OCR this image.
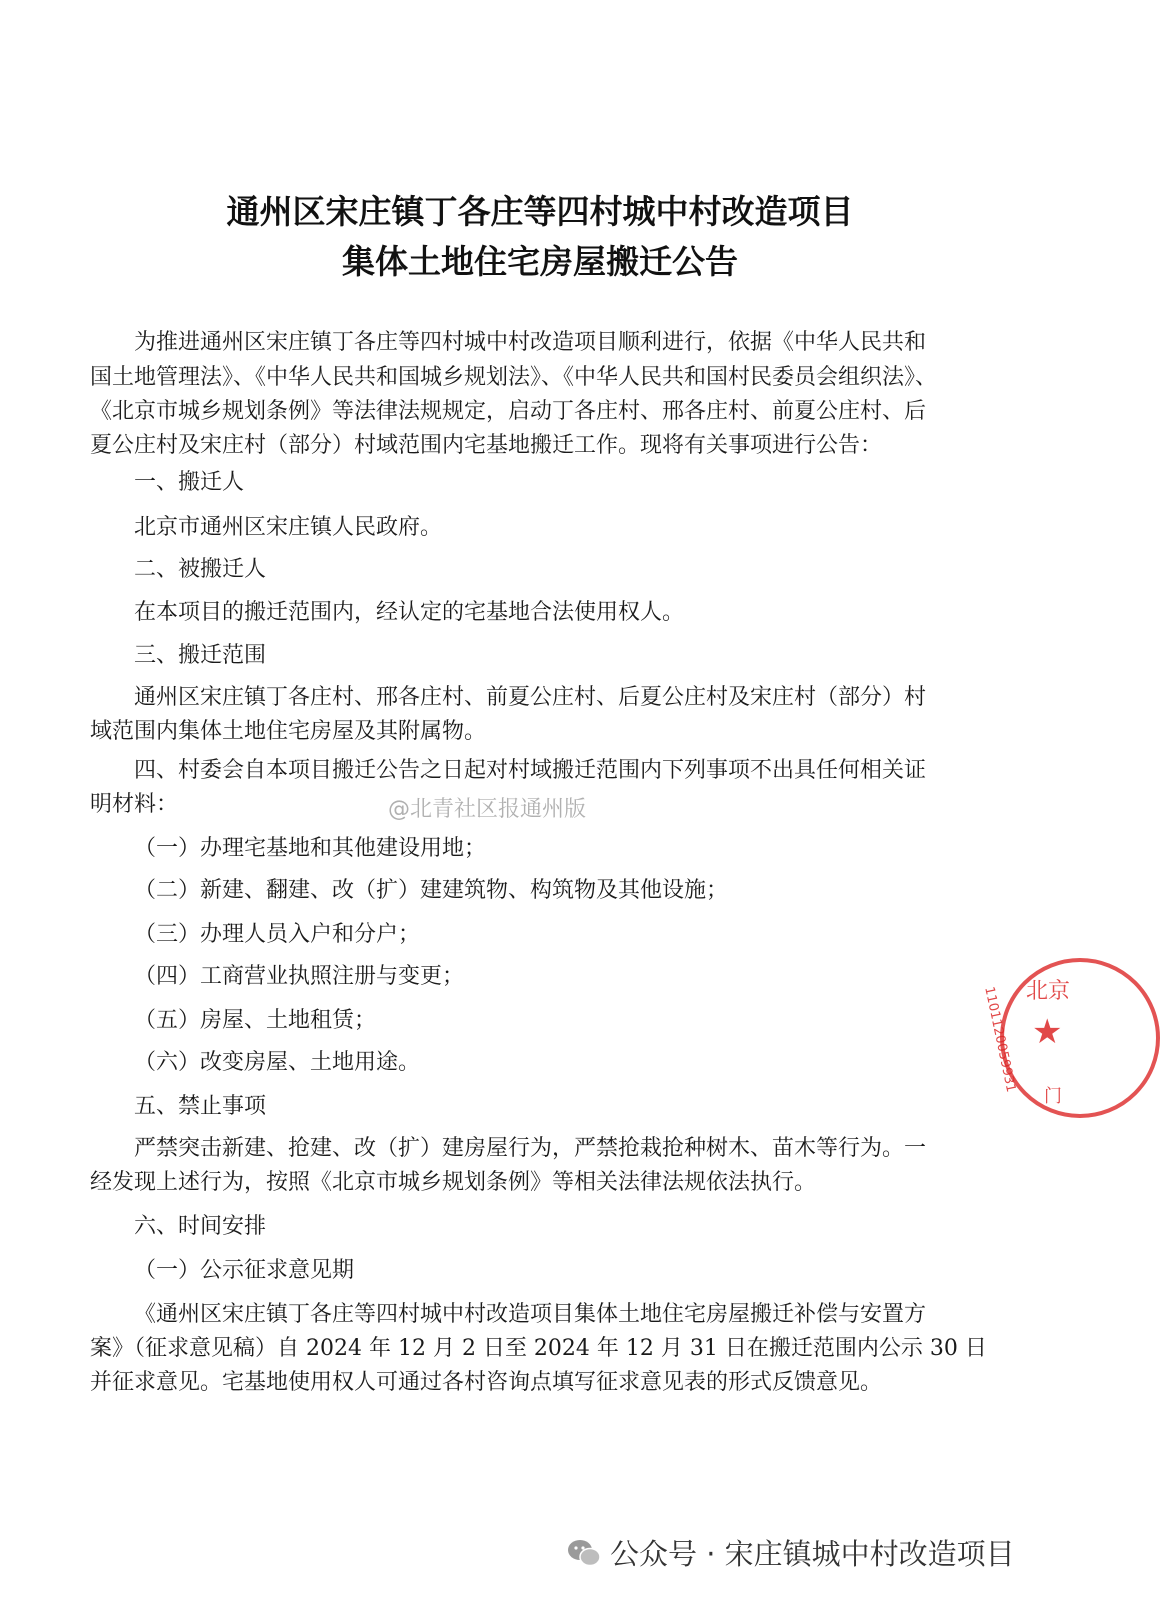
通州区宋庄镇丁各庄等四村城中村改造项目
集体土地住宅房屋搬迁公告
为推进通州区宋庄镇丁各庄等四村城中村改造项目顺利进行，依据《中华人民共和
国土地管理法》、《中华人民共和国城乡规划法》、《中华人民共和国村民委员会组织法》、
《北京市城乡规划条例》等法律法规规定，启动丁各庄村、邢各庄村、前夏公庄村、后
夏公庄村及宋庄村（部分）村域范围内宅基地搬迁工作。现将有关事项进行公告：
一、搬迁人
北京市通州区宋庄镇人民政府。
二、被搬迁人
在本项目的搬迁范围内，经认定的宅基地合法使用权人。
三、搬迁范围
通州区宋庄镇丁各庄村、邢各庄村、前夏公庄村、后夏公庄村及宋庄村（部分）村
域范围内集体土地住宅房屋及其附属物。
四、村委会自本项目搬迁公告之日起对村域搬迁范围内下列事项不出具任何相关证
明材料：
（一）办理宅基地和其他建设用地；
（二）新建、翻建、改（扩）建建筑物、构筑物及其他设施；
（三）办理人员入户和分户；
（四）工商营业执照注册与变更；
（五）房屋、土地租赁；
（六）改变房屋、土地用途。
五、禁止事项
严禁突击新建、抢建、改（扩）建房屋行为，严禁抢栽抢种树木、苗木等行为。一
经发现上述行为，按照《北京市城乡规划条例》等相关法律法规依法执行。
六、时间安排
（一）公示征求意见期
《通州区宋庄镇丁各庄等四村城中村改造项目集体土地住宅房屋搬迁补偿与安置方
案》（征求意见稿）自 2024 年 12 月 2 日至 2024 年 12 月 31 日在搬迁范围内公示 30 日
并征求意见。宅基地使用权人可通过各村咨询点填写征求意见表的形式反馈意见。
@北青社区报通州版
北京
1101120059931 ★
门
公众号 · 宋庄镇城中村改造项目
